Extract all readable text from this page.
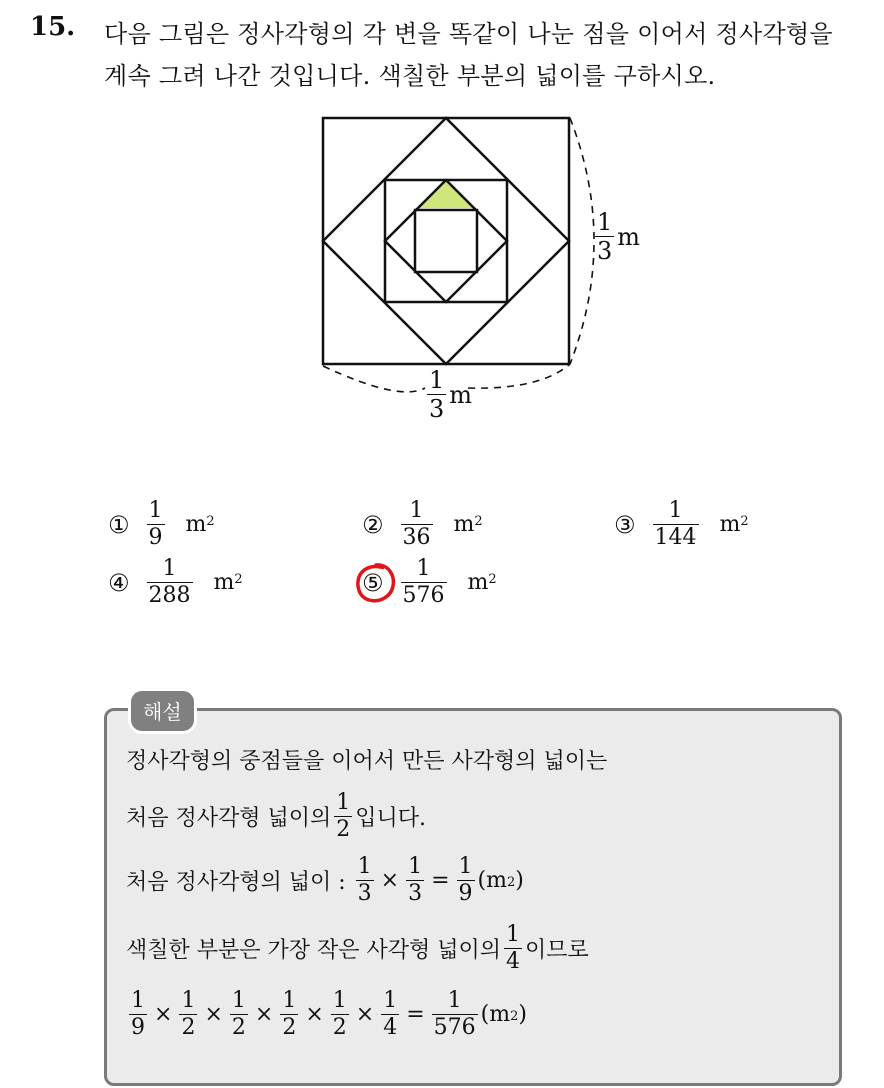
15. 다음 그림은 정사각형의 각 변을 똑같이 나눈 점을 이어서 정사각형을
계속 그려 나간 것입니다. 색칠한 부분의 넓이를 구하시오.
$\frac{1}{3}$ m
$\frac{1}{3}$ m
① $\frac{1}{9} m^2$	② $\frac{1}{36} m^2$	③ $\frac{1}{144} m^2$
④ $\frac{1}{288} m^2$	⑤ $\frac{1}{576} m^2$
해설
정사각형의 중점들을 이어서 만든 사각형의 넓이는
처음 정사각형 넓이의 $\frac{1}{2}$ 입니다.
처음 정사각형의 넓이 : $\frac{1}{3} \times \frac{1}{3} = \frac{1}{9} (m^2$ )
색칠한 부분은 가장 작은 사각형 넓이의 $\frac{1}{4}$ 이므로
$\frac{1}{9} \times \frac{1}{2} \times \frac{1}{2} \times \frac{1}{2} \times \frac{1}{2} \times \frac{1}{4} = \frac{1}{576} (m^2$ )
